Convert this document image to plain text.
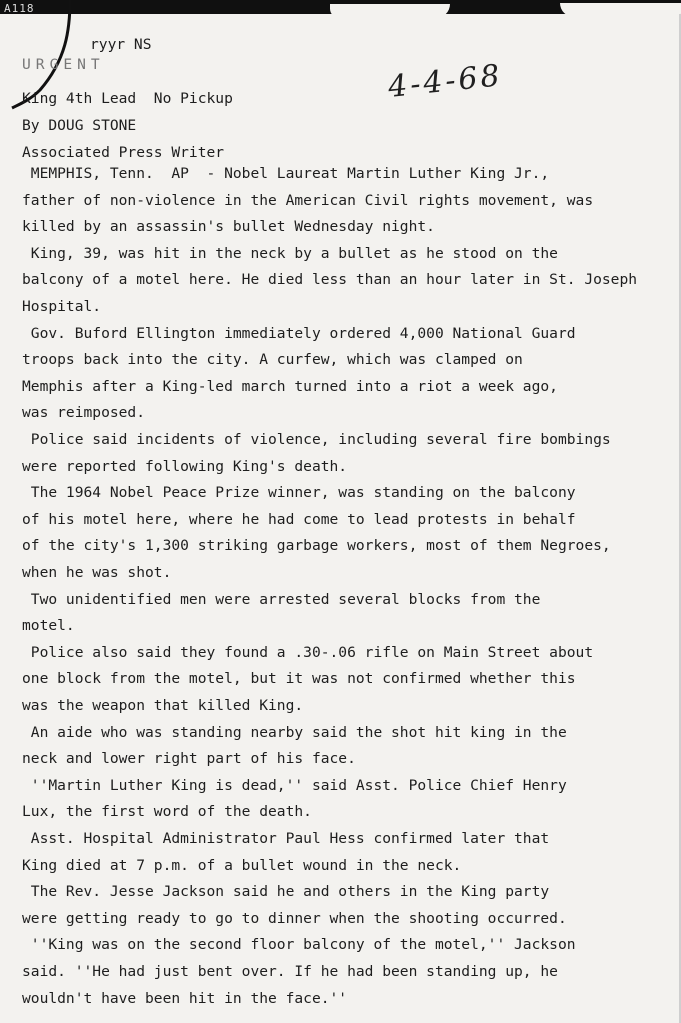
A118
ryyr NS
URGENT
King 4th Lead  No Pickup
By DOUG STONE
Associated Press Writer
4-4-68
MEMPHIS, Tenn.  AP  - Nobel Laureat Martin Luther King Jr.,
father of non-violence in the American Civil rights movement, was
killed by an assassin's bullet Wednesday night.
King, 39, was hit in the neck by a bullet as he stood on the
balcony of a motel here. He died less than an hour later in St. Joseph
Hospital.
Gov. Buford Ellington immediately ordered 4,000 National Guard
troops back into the city. A curfew, which was clamped on
Memphis after a King-led march turned into a riot a week ago,
was reimposed.
Police said incidents of violence, including several fire bombings
were reported following King's death.
The 1964 Nobel Peace Prize winner, was standing on the balcony
of his motel here, where he had come to lead protests in behalf
of the city's 1,300 striking garbage workers, most of them Negroes,
when he was shot.
Two unidentified men were arrested several blocks from the
motel.
Police also said they found a .30-.06 rifle on Main Street about
one block from the motel, but it was not confirmed whether this
was the weapon that killed King.
An aide who was standing nearby said the shot hit king in the
neck and lower right part of his face.
''Martin Luther King is dead,'' said Asst. Police Chief Henry
Lux, the first word of the death.
Asst. Hospital Administrator Paul Hess confirmed later that
King died at 7 p.m. of a bullet wound in the neck.
The Rev. Jesse Jackson said he and others in the King party
were getting ready to go to dinner when the shooting occurred.
''King was on the second floor balcony of the motel,'' Jackson
said. ''He had just bent over. If he had been standing up, he
wouldn't have been hit in the face.''
